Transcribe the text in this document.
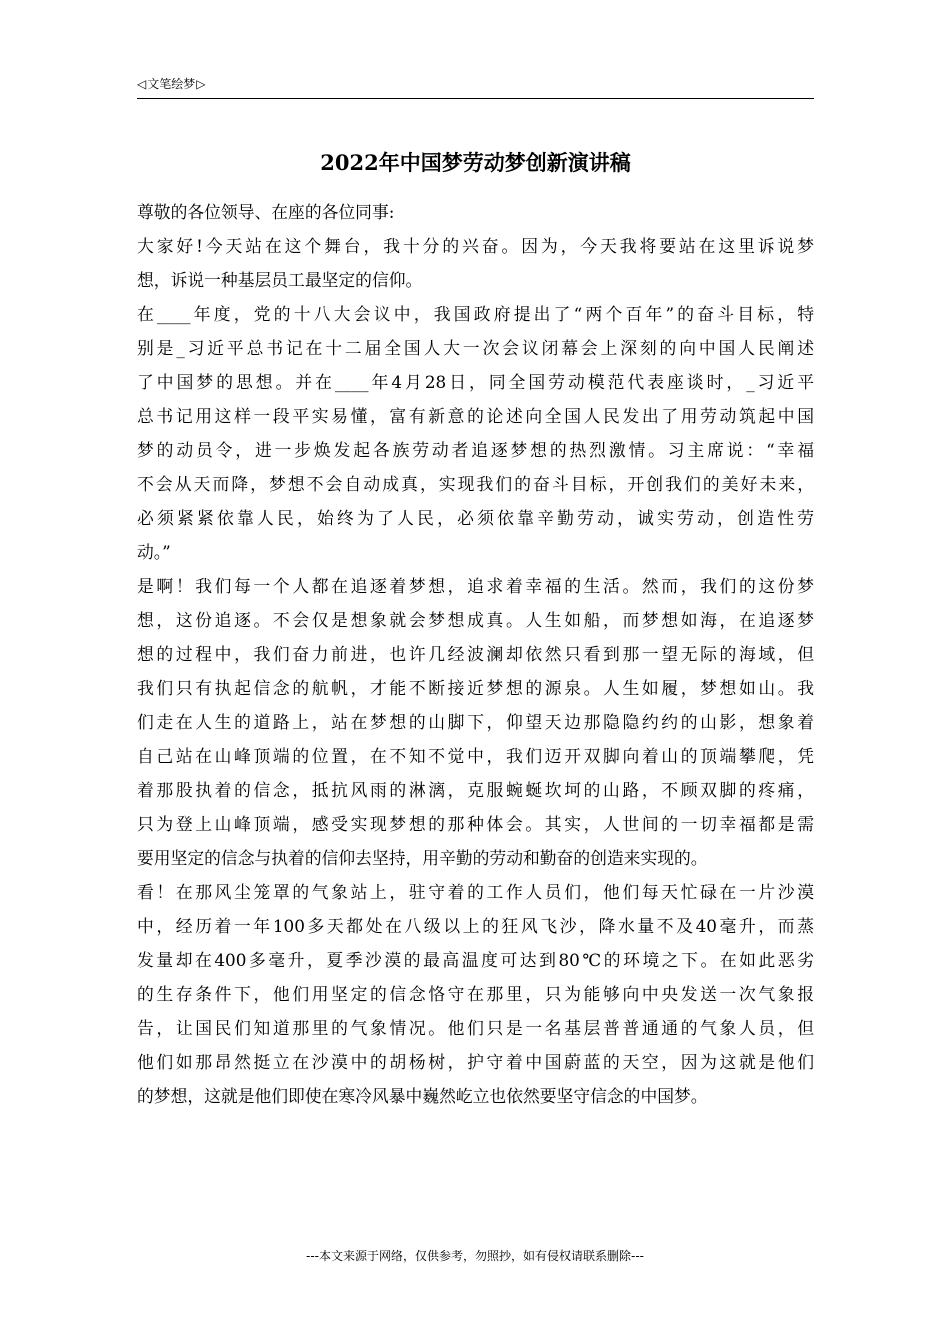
◁ 文笔绘梦 ▷
2022年中国梦劳动梦创新演讲稿
尊敬的各位领导、在座的各位同事:
大家好!今天站在这个舞台，我十分的兴奋。因为，今天我将要站在这里诉说梦
想，诉说一种基层员工最坚定的信仰。
在____年度，党的十八大会议中，我国政府提出了“两个百年”的奋斗目标，特
别是_习近平总书记在十二届全国人大一次会议闭幕会上深刻的向中国人民阐述
了中国梦的思想。并在____年4月28日，同全国劳动模范代表座谈时，_习近平
总书记用这样一段平实易懂，富有新意的论述向全国人民发出了用劳动筑起中国
梦的动员令，进一步焕发起各族劳动者追逐梦想的热烈激情。习主席说：“幸福
不会从天而降，梦想不会自动成真，实现我们的奋斗目标，开创我们的美好未来，
必须紧紧依靠人民，始终为了人民，必须依靠辛勤劳动，诚实劳动，创造性劳
动。”
是啊！我们每一个人都在追逐着梦想，追求着幸福的生活。然而，我们的这份梦
想，这份追逐。不会仅是想象就会梦想成真。人生如船，而梦想如海，在追逐梦
想的过程中，我们奋力前进，也许几经波澜却依然只看到那一望无际的海域，但
我们只有执起信念的航帆，才能不断接近梦想的源泉。人生如履，梦想如山。我
们走在人生的道路上，站在梦想的山脚下，仰望天边那隐隐约约的山影，想象着
自己站在山峰顶端的位置，在不知不觉中，我们迈开双脚向着山的顶端攀爬，凭
着那股执着的信念，抵抗风雨的淋漓，克服蜿蜒坎坷的山路，不顾双脚的疼痛，
只为登上山峰顶端，感受实现梦想的那种体会。其实，人世间的一切幸福都是需
要用坚定的信念与执着的信仰去坚持，用辛勤的劳动和勤奋的创造来实现的。
看！在那风尘笼罩的气象站上，驻守着的工作人员们，他们每天忙碌在一片沙漠
中，经历着一年100多天都处在八级以上的狂风飞沙，降水量不及40毫升，而蒸
发量却在400多毫升，夏季沙漠的最高温度可达到80℃的环境之下。在如此恶劣
的生存条件下，他们用坚定的信念恪守在那里，只为能够向中央发送一次气象报
告，让国民们知道那里的气象情况。他们只是一名基层普普通通的气象人员，但
他们如那昂然挺立在沙漠中的胡杨树，护守着中国蔚蓝的天空，因为这就是他们
的梦想，这就是他们即使在寒冷风暴中巍然屹立也依然要坚守信念的中国梦。
---本文来源于网络，仅供参考，勿照抄，如有侵权请联系删除---
